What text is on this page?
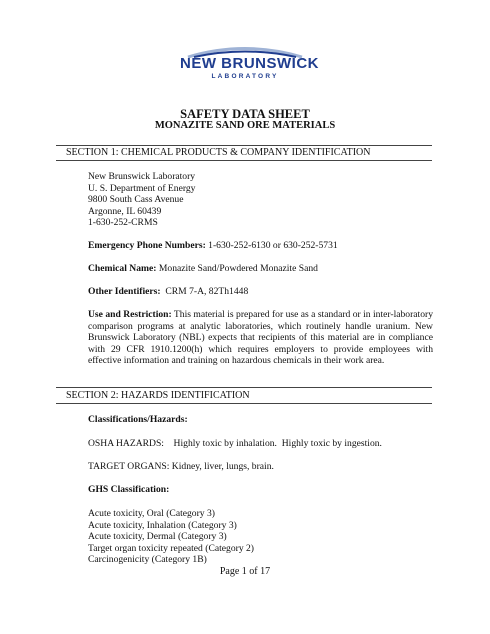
NEW BRUNSWICK
LABORATORY
SAFETY DATA SHEET
MONAZITE SAND ORE MATERIALS
SECTION 1: CHEMICAL PRODUCTS & COMPANY IDENTIFICATION

New Brunswick Laboratory

U. S. Department of Energy

9800 South Cass Avenue

Argonne, IL 60439

1-630-252-CRMS

Emergency Phone Numbers: 1-630-252-6130 or 630-252-5731
Chemical Name: Monazite Sand/Powdered Monazite Sand
Other Identifiers:  CRM 7-A, 82Th1448
Use and Restriction: This material is prepared for use as a standard or in inter-laboratory comparison programs at analytic laboratories, which routinely handle uranium. New Brunswick Laboratory (NBL) expects that recipients of this material are in compliance with 29 CFR 1910.1200(h) which requires employers to provide employees with effective information and training on hazardous chemicals in their work area.
SECTION 2: HAZARDS IDENTIFICATION
Classifications/Hazards:
OSHA HAZARDS:    Highly toxic by inhalation.  Highly toxic by ingestion.
TARGET ORGANS: Kidney, liver, lungs, brain.
GHS Classification:

Acute toxicity, Oral (Category 3)

Acute toxicity, Inhalation (Category 3)

Acute toxicity, Dermal (Category 3)

Target organ toxicity repeated (Category 2)

Carcinogenicity (Category 1B)

Page 1 of 17
